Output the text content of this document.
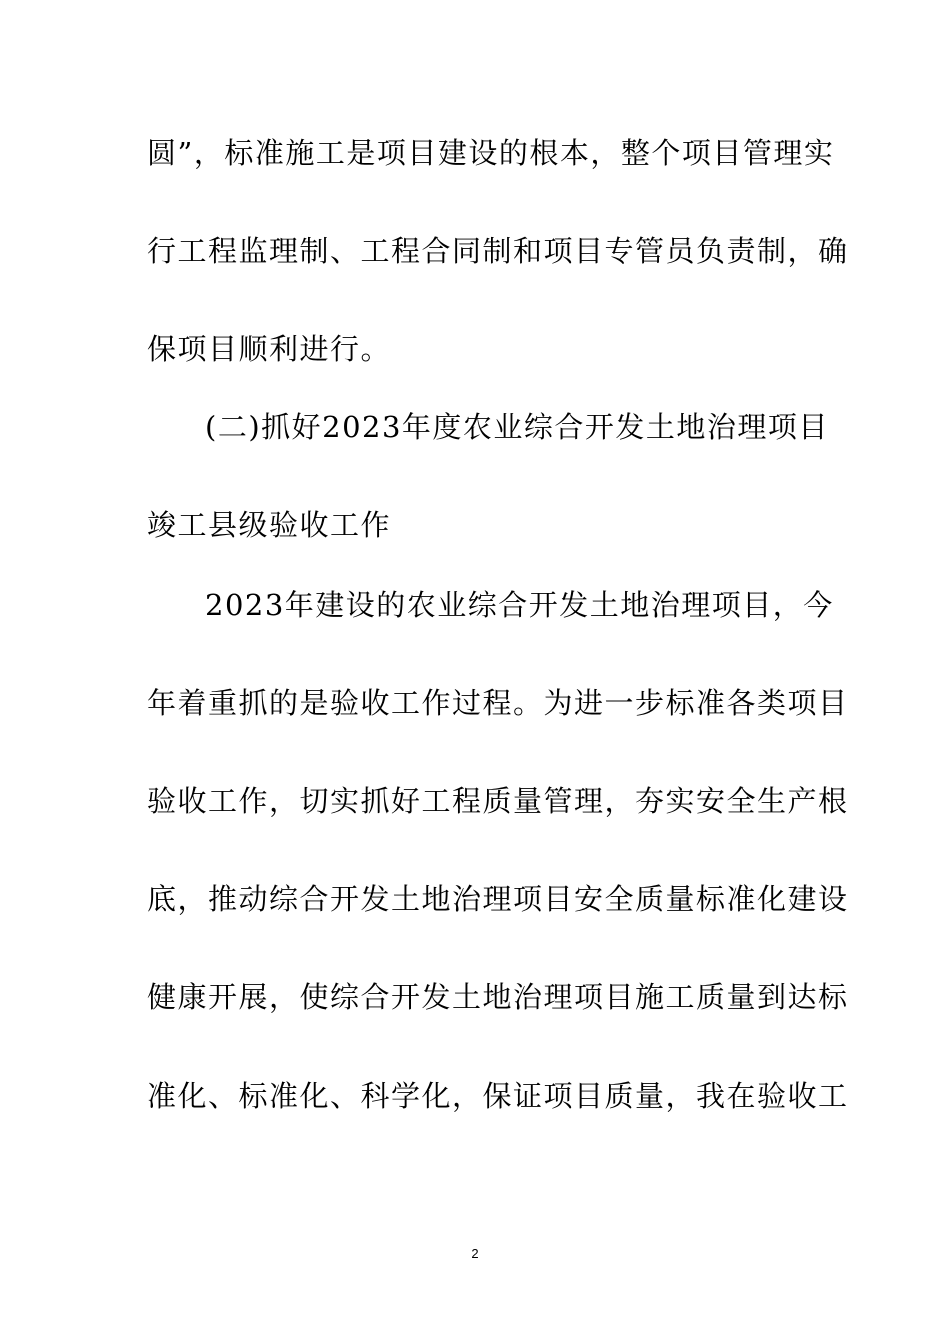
圆”，标准施工是项目建设的根本，整个项目管理实
行工程监理制、工程合同制和项目专管员负责制，确
保项目顺利进行。
(二)抓好2023年度农业综合开发土地治理项目
竣工县级验收工作
2023年建设的农业综合开发土地治理项目，今
年着重抓的是验收工作过程。为进一步标准各类项目
验收工作，切实抓好工程质量管理，夯实安全生产根
底，推动综合开发土地治理项目安全质量标准化建设
健康开展，使综合开发土地治理项目施工质量到达标
准化、标准化、科学化，保证项目质量，我在验收工
2
